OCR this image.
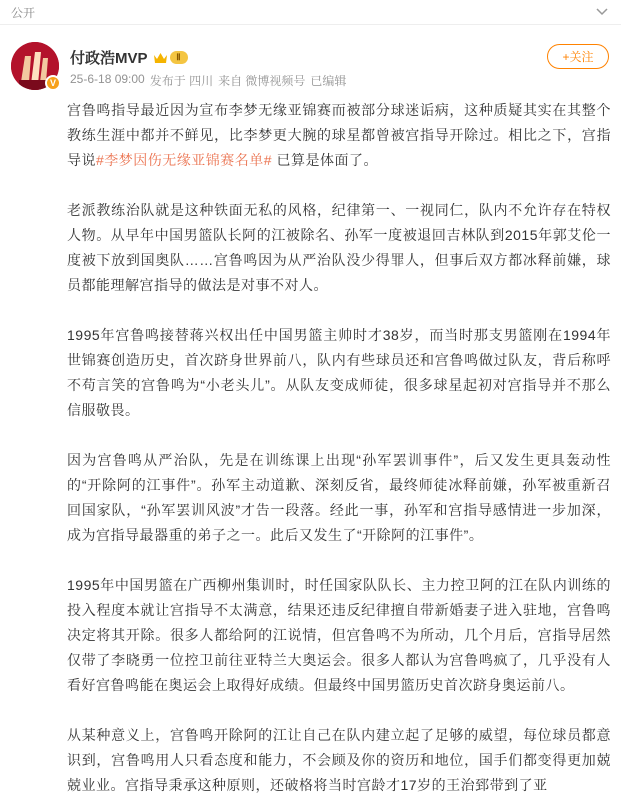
公开
V
付政浩MVP	Ⅱ
25-6-18 09:00 发布于 四川 来自 微博视频号 已编辑
+关注

宫鲁鸣指导最近因为宣布李梦无缘亚锦赛而被部分球迷诟病，这种质疑其实在其整个教练生涯中都并不鲜见，比李梦更大腕的球星都曾被宫指导开除过。相比之下，宫指导说#李梦因伤无缘亚锦赛名单# 已算是体面了。

老派教练治队就是这种铁面无私的风格，纪律第一、一视同仁，队内不允许存在特权人物。从早年中国男篮队长阿的江被除名、孙军一度被退回吉林队到2015年郭艾伦一度被下放到国奥队……宫鲁鸣因为从严治队没少得罪人，但事后双方都冰释前嫌，球员都能理解宫指导的做法是对事不对人。

1995年宫鲁鸣接替蒋兴权出任中国男篮主帅时才38岁，而当时那支男篮刚在1994年世锦赛创造历史，首次跻身世界前八，队内有些球员还和宫鲁鸣做过队友，背后称呼不苟言笑的宫鲁鸣为“小老头儿”。从队友变成师徒，很多球星起初对宫指导并不那么信服敬畏。

因为宫鲁鸣从严治队，先是在训练课上出现“孙军罢训事件”，后又发生更具轰动性的“开除阿的江事件”。孙军主动道歉、深刻反省，最终师徒冰释前嫌，孙军被重新召回国家队，“孙军罢训风波”才告一段落。经此一事，孙军和宫指导感情进一步加深，成为宫指导最器重的弟子之一。此后又发生了“开除阿的江事件”。

1995年中国男篮在广西柳州集训时，时任国家队队长、主力控卫阿的江在队内训练的投入程度本就让宫指导不太满意，结果还违反纪律擅自带新婚妻子进入驻地，宫鲁鸣决定将其开除。很多人都给阿的江说情，但宫鲁鸣不为所动，几个月后，宫指导居然仅带了李晓勇一位控卫前往亚特兰大奥运会。很多人都认为宫鲁鸣疯了，几乎没有人看好宫鲁鸣能在奥运会上取得好成绩。但最终中国男篮历史首次跻身奥运前八。

从某种意义上，宫鲁鸣开除阿的江让自己在队内建立起了足够的威望，每位球员都意识到，宫鲁鸣用人只看态度和能力，不会顾及你的资历和地位，国手们都变得更加兢兢业业。宫指导秉承这种原则，还破格将当时宫龄才17岁的王治郅带到了亚
